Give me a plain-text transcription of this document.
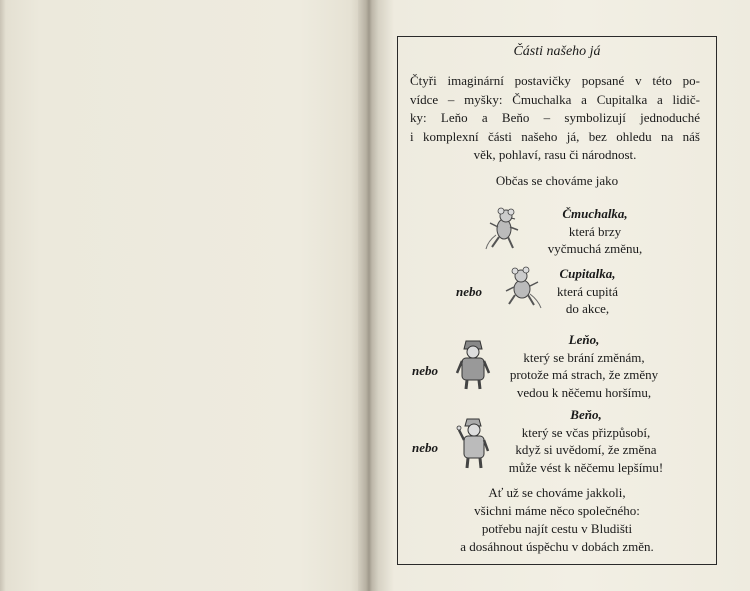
Části našeho já
Čtyři imaginární postavičky popsané v této po-
vídce – myšky: Čmuchalka a Cupitalka a lidič-
ky: Leňo a Beňo – symbolizují jednoduché
i komplexní části našeho já, bez ohledu na náš
věk, pohlaví, rasu či národnost.
Občas se chováme jako
Čmuchalka,
která brzy
vyčmuchá změnu,
nebo
Cupitalka,
která cupitá
do akce,
nebo
Leňo,
který se brání změnám,
protože má strach, že změny
vedou k něčemu horšímu,
nebo
Beňo,
který se včas přizpůsobí,
když si uvědomí, že změna
může vést k něčemu lepšímu!
Ať už se chováme jakkoli,
všichni máme něco společného:
potřebu najít cestu v Bludišti
a dosáhnout úspěchu v dobách změn.
